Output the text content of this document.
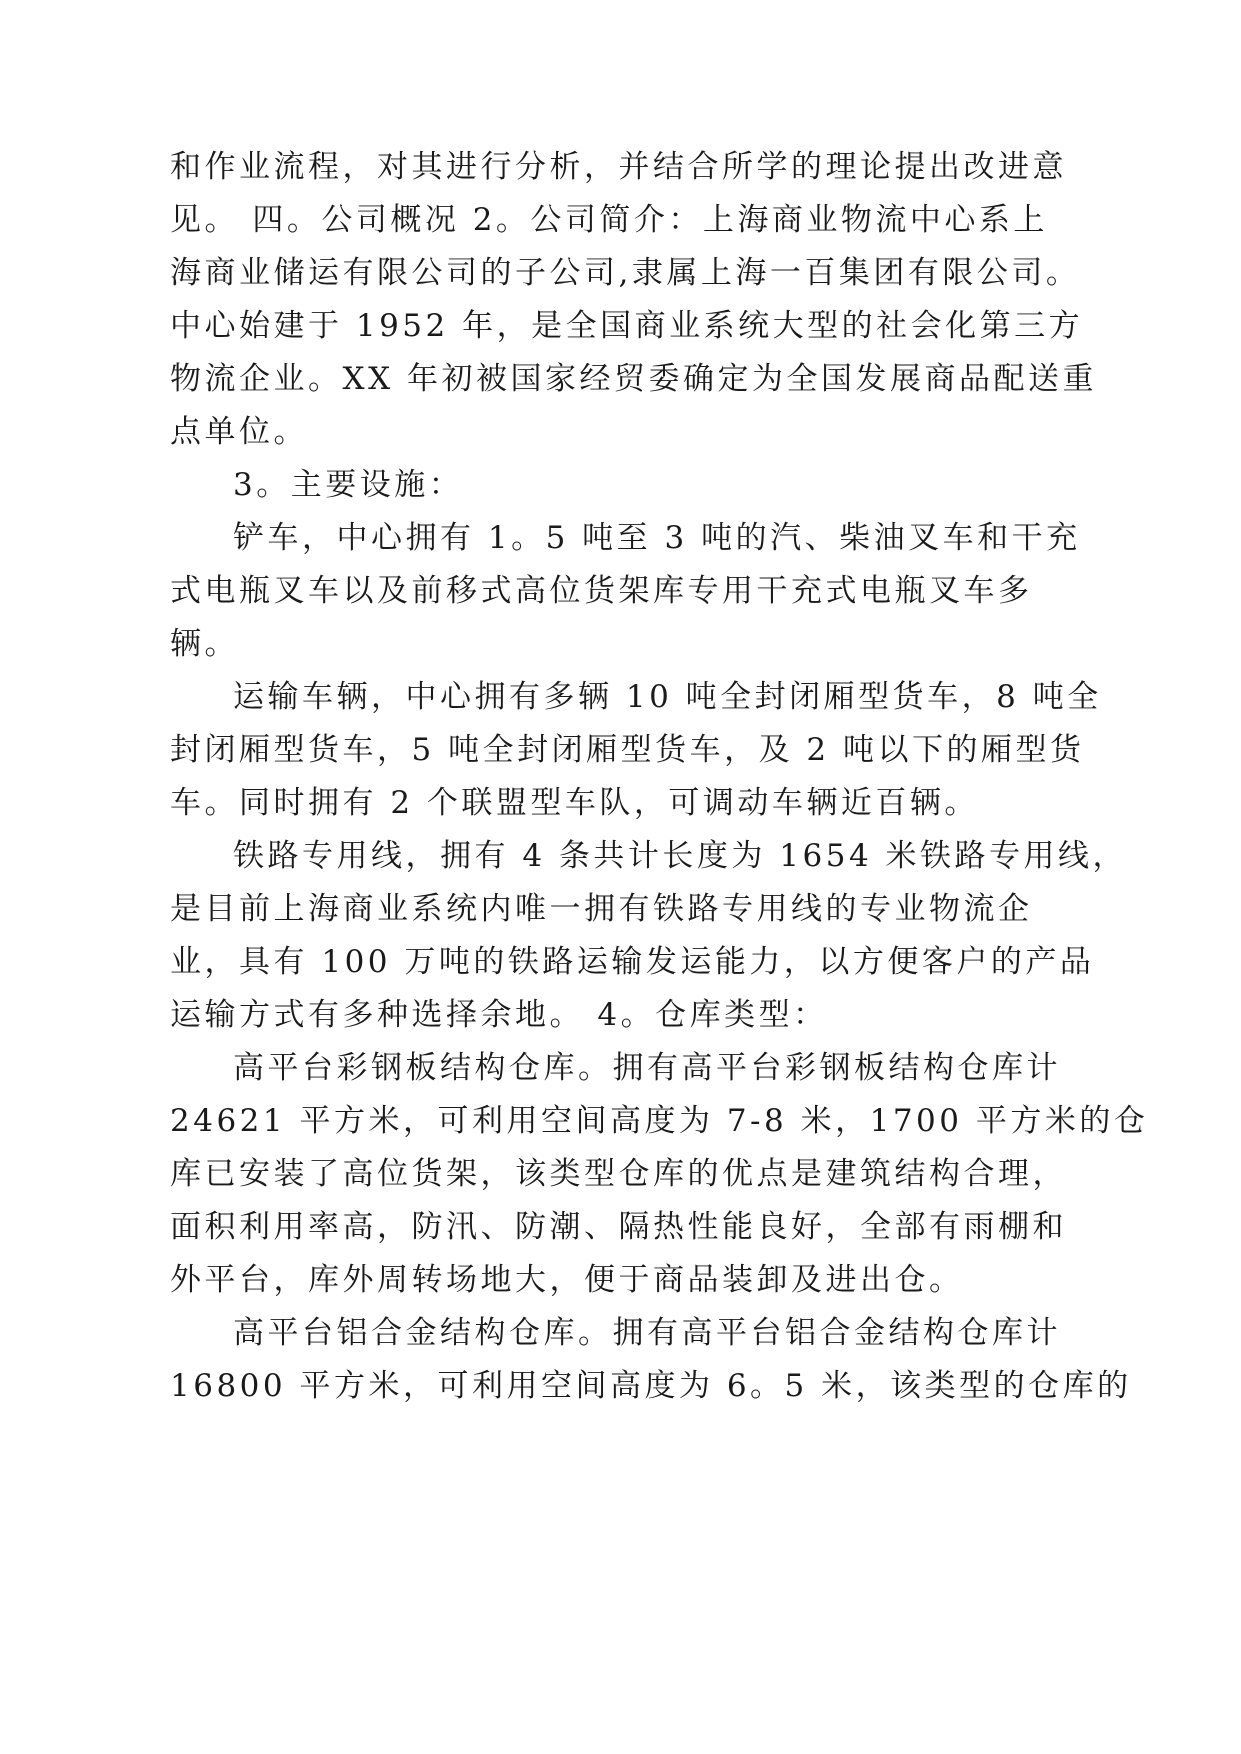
和作业流程，对其进行分析，并结合所学的理论提出改进意
见。 四。公司概况 2。公司简介：上海商业物流中心系上
海商业储运有限公司的子公司,隶属上海一百集团有限公司。
中心始建于 1952 年，是全国商业系统大型的社会化第三方
物流企业。XX 年初被国家经贸委确定为全国发展商品配送重
点单位。
3。主要设施：
铲车，中心拥有 1。5 吨至 3 吨的汽、柴油叉车和干充
式电瓶叉车以及前移式高位货架库专用干充式电瓶叉车多
辆。
运输车辆，中心拥有多辆 10 吨全封闭厢型货车，8 吨全
封闭厢型货车，5 吨全封闭厢型货车，及 2 吨以下的厢型货
车。同时拥有 2 个联盟型车队，可调动车辆近百辆。
铁路专用线，拥有 4 条共计长度为 1654 米铁路专用线，
是目前上海商业系统内唯一拥有铁路专用线的专业物流企
业，具有 100 万吨的铁路运输发运能力，以方便客户的产品
运输方式有多种选择余地。 4。仓库类型：
高平台彩钢板结构仓库。拥有高平台彩钢板结构仓库计
24621 平方米，可利用空间高度为 7-8 米，1700 平方米的仓
库已安装了高位货架，该类型仓库的优点是建筑结构合理，
面积利用率高，防汛、防潮、隔热性能良好，全部有雨棚和
外平台，库外周转场地大，便于商品装卸及进出仓。
高平台铝合金结构仓库。拥有高平台铝合金结构仓库计
16800 平方米，可利用空间高度为 6。5 米，该类型的仓库的
